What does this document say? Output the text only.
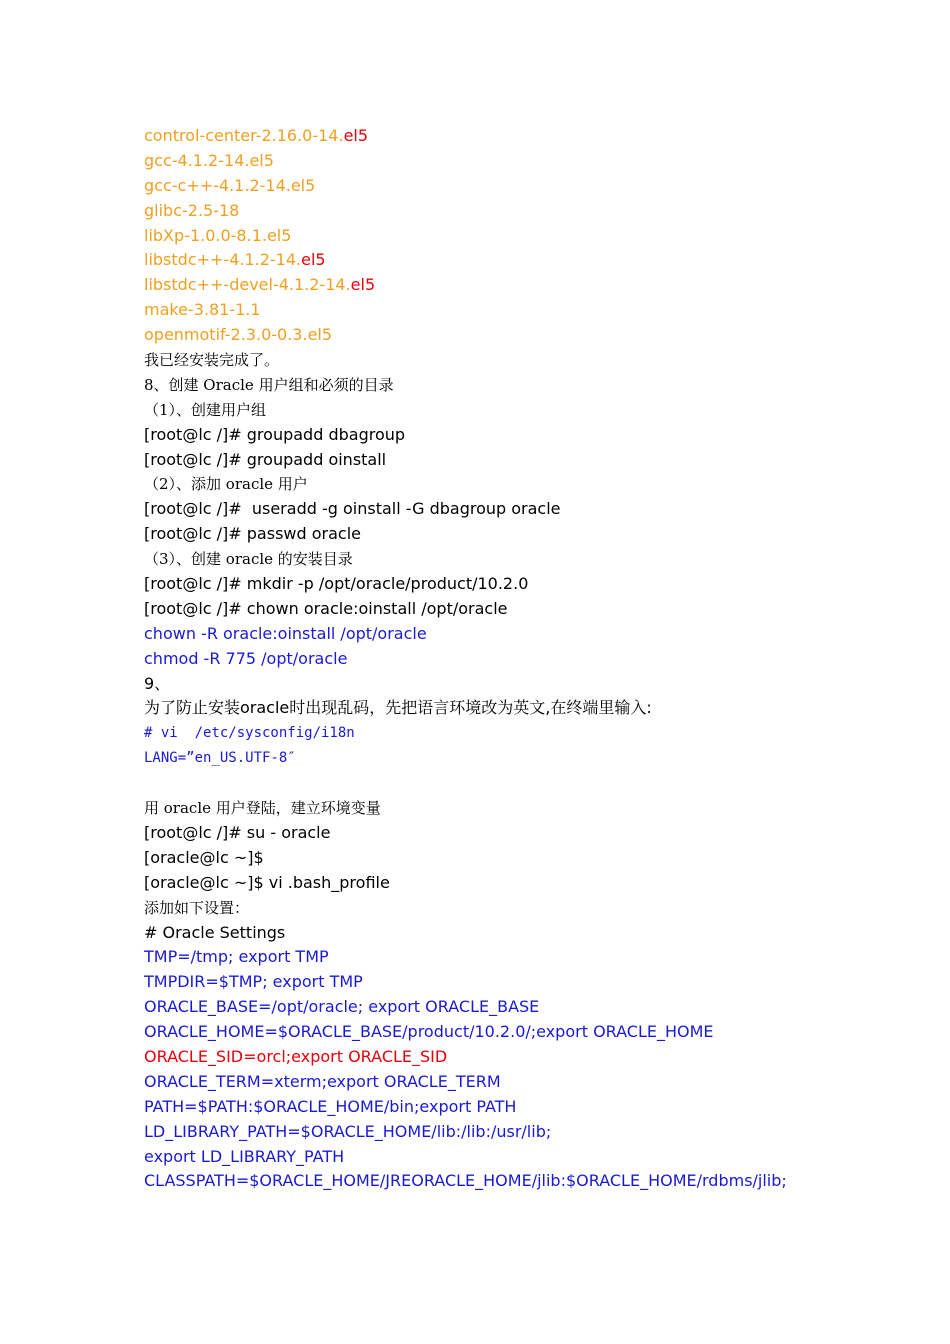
control-center-2.16.0-14.el5
gcc-4.1.2-14.el5
gcc-c++-4.1.2-14.el5
glibc-2.5-18
libXp-1.0.0-8.1.el5
libstdc++-4.1.2-14.el5
libstdc++-devel-4.1.2-14.el5
make-3.81-1.1
openmotif-2.3.0-0.3.el5
我已经安装完成了。
8、创建 Oracle 用户组和必须的目录
（1）、创建用户组
[root@lc /]# groupadd dbagroup
[root@lc /]# groupadd oinstall
（2）、添加 oracle 用户
[root@lc /]#  useradd -g oinstall -G dbagroup oracle
[root@lc /]# passwd oracle
（3）、创建 oracle 的安装目录
[root@lc /]# mkdir -p /opt/oracle/product/10.2.0
[root@lc /]# chown oracle:oinstall /opt/oracle
chown -R oracle:oinstall /opt/oracle
chmod -R 775 /opt/oracle
9、
为了防止安装oracle时出现乱码，先把语言环境改为英文,在终端里输入:
# vi  /etc/sysconfig/i18n
LANG=”en_US.UTF-8″
用 oracle 用户登陆，建立环境变量
[root@lc /]# su - oracle
[oracle@lc ~]$
[oracle@lc ~]$ vi .bash_profile
添加如下设置：
# Oracle Settings
TMP=/tmp; export TMP
TMPDIR=$TMP; export TMP
ORACLE_BASE=/opt/oracle; export ORACLE_BASE
ORACLE_HOME=$ORACLE_BASE/product/10.2.0/;export ORACLE_HOME
ORACLE_SID=orcl;export ORACLE_SID
ORACLE_TERM=xterm;export ORACLE_TERM
PATH=$PATH:$ORACLE_HOME/bin;export PATH
LD_LIBRARY_PATH=$ORACLE_HOME/lib:/lib:/usr/lib;
export LD_LIBRARY_PATH
CLASSPATH=$ORACLE_HOME/JREORACLE_HOME/jlib:$ORACLE_HOME/rdbms/jlib;
